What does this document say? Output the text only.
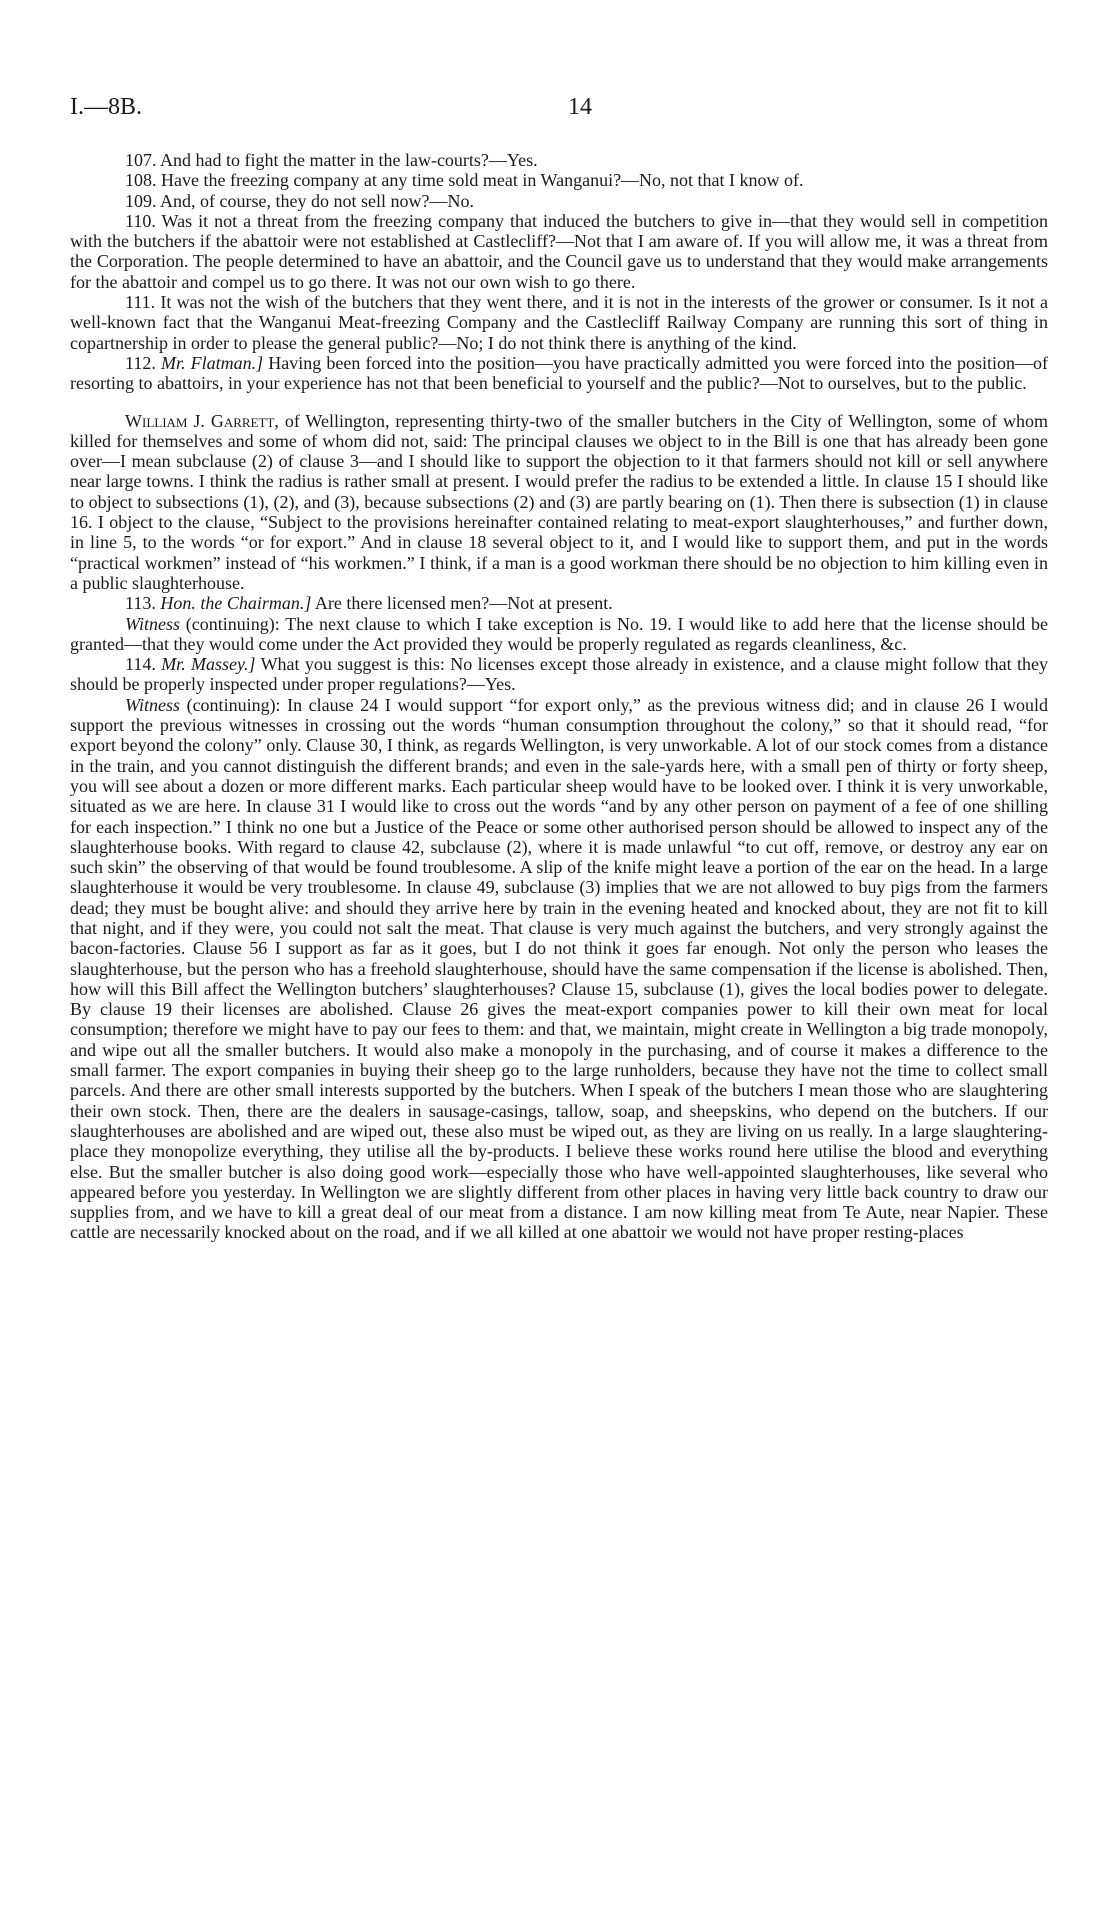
I.—8B.	14

107. And had to fight the matter in the law-courts?—Yes.

108. Have the freezing company at any time sold meat in Wanganui?—No, not that I know of.

109. And, of course, they do not sell now?—No.

110. Was it not a threat from the freezing company that induced the butchers to give in—that they would sell in competition with the butchers if the abattoir were not established at Castlecliff?—Not that I am aware of. If you will allow me, it was a threat from the Corporation. The people determined to have an abattoir, and the Council gave us to understand that they would make arrangements for the abattoir and compel us to go there. It was not our own wish to go there.

111. It was not the wish of the butchers that they went there, and it is not in the interests of the grower or consumer. Is it not a well-known fact that the Wanganui Meat-freezing Company and the Castlecliff Railway Company are running this sort of thing in copartnership in order to please the general public?—No; I do not think there is anything of the kind.

112. Mr. Flatman.] Having been forced into the position—you have practically admitted you were forced into the position—of resorting to abattoirs, in your experience has not that been beneficial to yourself and the public?—Not to ourselves, but to the public.

William J. Garrett, of Wellington, representing thirty-two of the smaller butchers in the City of Wellington, some of whom killed for themselves and some of whom did not, said: The principal clauses we object to in the Bill is one that has already been gone over—I mean subclause (2) of clause 3—and I should like to support the objection to it that farmers should not kill or sell anywhere near large towns. I think the radius is rather small at present. I would prefer the radius to be extended a little. In clause 15 I should like to object to subsections (1), (2), and (3), because subsections (2) and (3) are partly bearing on (1). Then there is subsection (1) in clause 16. I object to the clause, “Subject to the provisions hereinafter contained relating to meat-export slaughterhouses,” and further down, in line 5, to the words “or for export.” And in clause 18 several object to it, and I would like to support them, and put in the words “practical workmen” instead of “his workmen.” I think, if a man is a good workman there should be no objection to him killing even in a public slaughterhouse.

113. Hon. the Chairman.] Are there licensed men?—Not at present.

Witness (continuing): The next clause to which I take exception is No. 19. I would like to add here that the license should be granted—that they would come under the Act provided they would be properly regulated as regards cleanliness, &c.

114. Mr. Massey.] What you suggest is this: No licenses except those already in existence, and a clause might follow that they should be properly inspected under proper regulations?—Yes.

Witness (continuing): In clause 24 I would support “for export only,” as the previous witness did; and in clause 26 I would support the previous witnesses in crossing out the words “human consumption throughout the colony,” so that it should read, “for export beyond the colony” only. Clause 30, I think, as regards Wellington, is very unworkable. A lot of our stock comes from a distance in the train, and you cannot distinguish the different brands; and even in the sale-yards here, with a small pen of thirty or forty sheep, you will see about a dozen or more different marks. Each particular sheep would have to be looked over. I think it is very unworkable, situated as we are here. In clause 31 I would like to cross out the words “and by any other person on payment of a fee of one shilling for each inspection.” I think no one but a Justice of the Peace or some other authorised person should be allowed to inspect any of the slaughterhouse books. With regard to clause 42, subclause (2), where it is made unlawful “to cut off, remove, or destroy any ear on such skin” the observing of that would be found troublesome. A slip of the knife might leave a portion of the ear on the head. In a large slaughterhouse it would be very troublesome. In clause 49, subclause (3) implies that we are not allowed to buy pigs from the farmers dead; they must be bought alive: and should they arrive here by train in the evening heated and knocked about, they are not fit to kill that night, and if they were, you could not salt the meat. That clause is very much against the butchers, and very strongly against the bacon-factories. Clause 56 I support as far as it goes, but I do not think it goes far enough. Not only the person who leases the slaughterhouse, but the person who has a freehold slaughterhouse, should have the same compensation if the license is abolished. Then, how will this Bill affect the Wellington butchers’ slaughterhouses? Clause 15, subclause (1), gives the local bodies power to delegate. By clause 19 their licenses are abolished. Clause 26 gives the meat-export companies power to kill their own meat for local consumption; therefore we might have to pay our fees to them: and that, we maintain, might create in Wellington a big trade monopoly, and wipe out all the smaller butchers. It would also make a monopoly in the purchasing, and of course it makes a difference to the small farmer. The export companies in buying their sheep go to the large runholders, because they have not the time to collect small parcels. And there are other small interests supported by the butchers. When I speak of the butchers I mean those who are slaughtering their own stock. Then, there are the dealers in sausage-casings, tallow, soap, and sheepskins, who depend on the butchers. If our slaughterhouses are abolished and are wiped out, these also must be wiped out, as they are living on us really. In a large slaughtering-place they monopolize everything, they utilise all the by-products. I believe these works round here utilise the blood and everything else. But the smaller butcher is also doing good work—especially those who have well-appointed slaughterhouses, like several who appeared before you yesterday. In Wellington we are slightly different from other places in having very little back country to draw our supplies from, and we have to kill a great deal of our meat from a distance. I am now killing meat from Te Aute, near Napier. These cattle are necessarily knocked about on the road, and if we all killed at one abattoir we would not have proper resting-places
